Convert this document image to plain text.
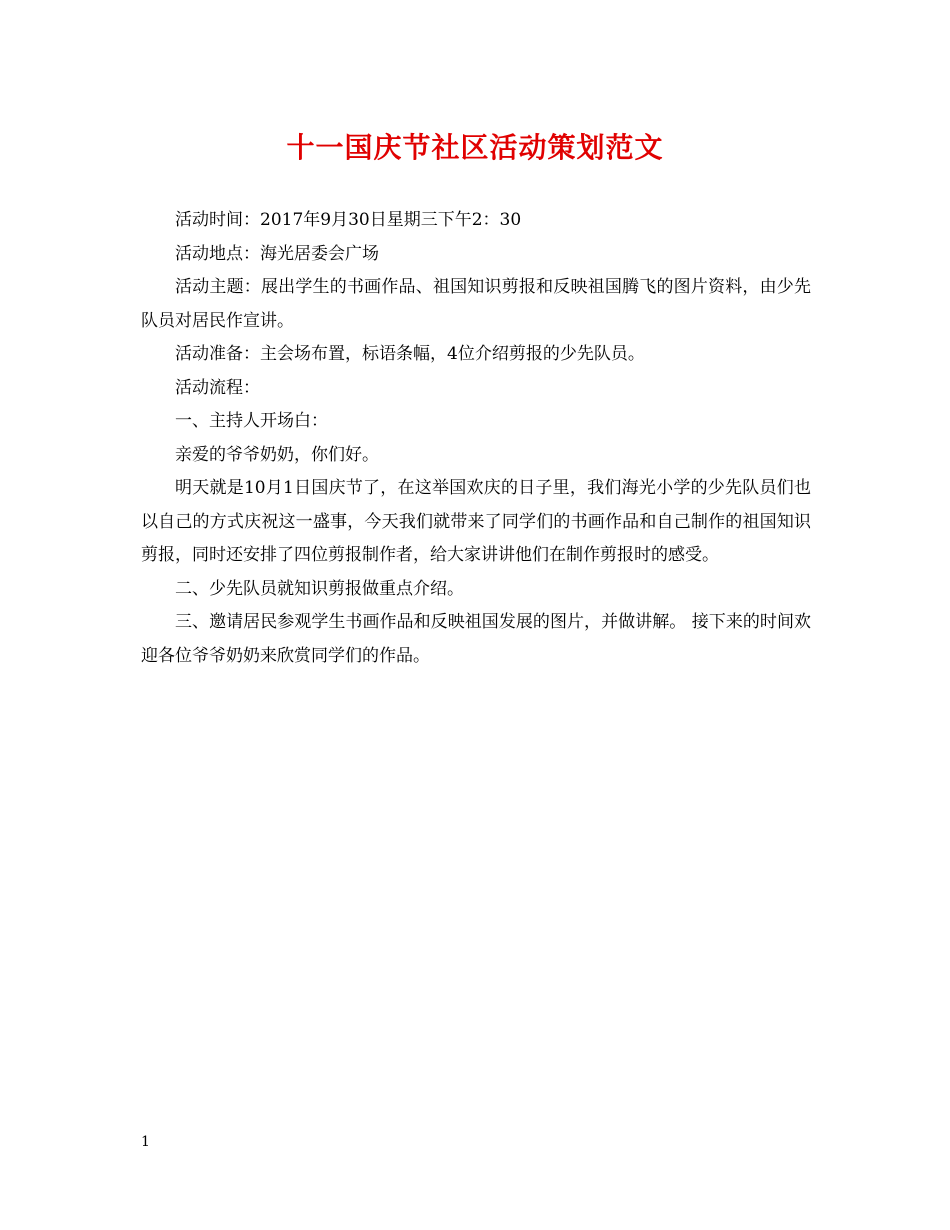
十一国庆节社区活动策划范文

活动时间：2017年9月30日星期三下午2：30

活动地点：海光居委会广场

活动主题：展出学生的书画作品、祖国知识剪报和反映祖国腾飞的图片资料，由少先队员对居民作宣讲。

活动准备：主会场布置，标语条幅，4位介绍剪报的少先队员。

活动流程：

一、主持人开场白：

亲爱的爷爷奶奶，你们好。

明天就是10月1日国庆节了，在这举国欢庆的日子里，我们海光小学的少先队员们也以自己的方式庆祝这一盛事，今天我们就带来了同学们的书画作品和自己制作的祖国知识剪报，同时还安排了四位剪报制作者，给大家讲讲他们在制作剪报时的感受。

二、少先队员就知识剪报做重点介绍。

三、邀请居民参观学生书画作品和反映祖国发展的图片，并做讲解。 接下来的时间欢迎各位爷爷奶奶来欣赏同学们的作品。

1
